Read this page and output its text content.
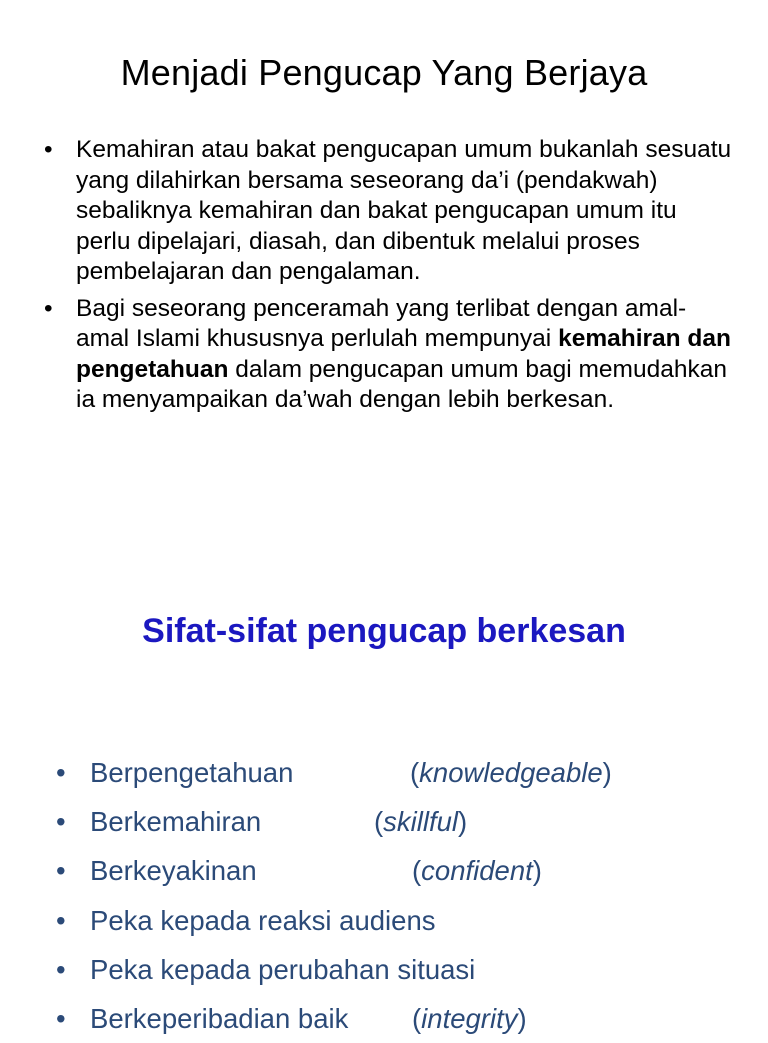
Menjadi Pengucap Yang Berjaya
• Kemahiran atau bakat pengucapan umum bukanlah sesuatu yang dilahirkan bersama seseorang da’i (pendakwah) sebaliknya kemahiran dan bakat pengucapan umum itu perlu dipelajari, diasah, dan dibentuk melalui proses pembelajaran dan pengalaman.
• Bagi seseorang penceramah yang terlibat dengan amal-amal Islami khususnya perlulah mempunyai kemahiran dan pengetahuan dalam pengucapan umum bagi memudahkan ia menyampaikan da’wah dengan lebih berkesan.
Sifat-sifat pengucap berkesan
• Berpengetahuan	(knowledgeable)
• Berkemahiran	(skillful)
• Berkeyakinan	(confident)
• Peka kepada reaksi audiens
• Peka kepada perubahan situasi
• Berkeperibadian baik (integrity)
